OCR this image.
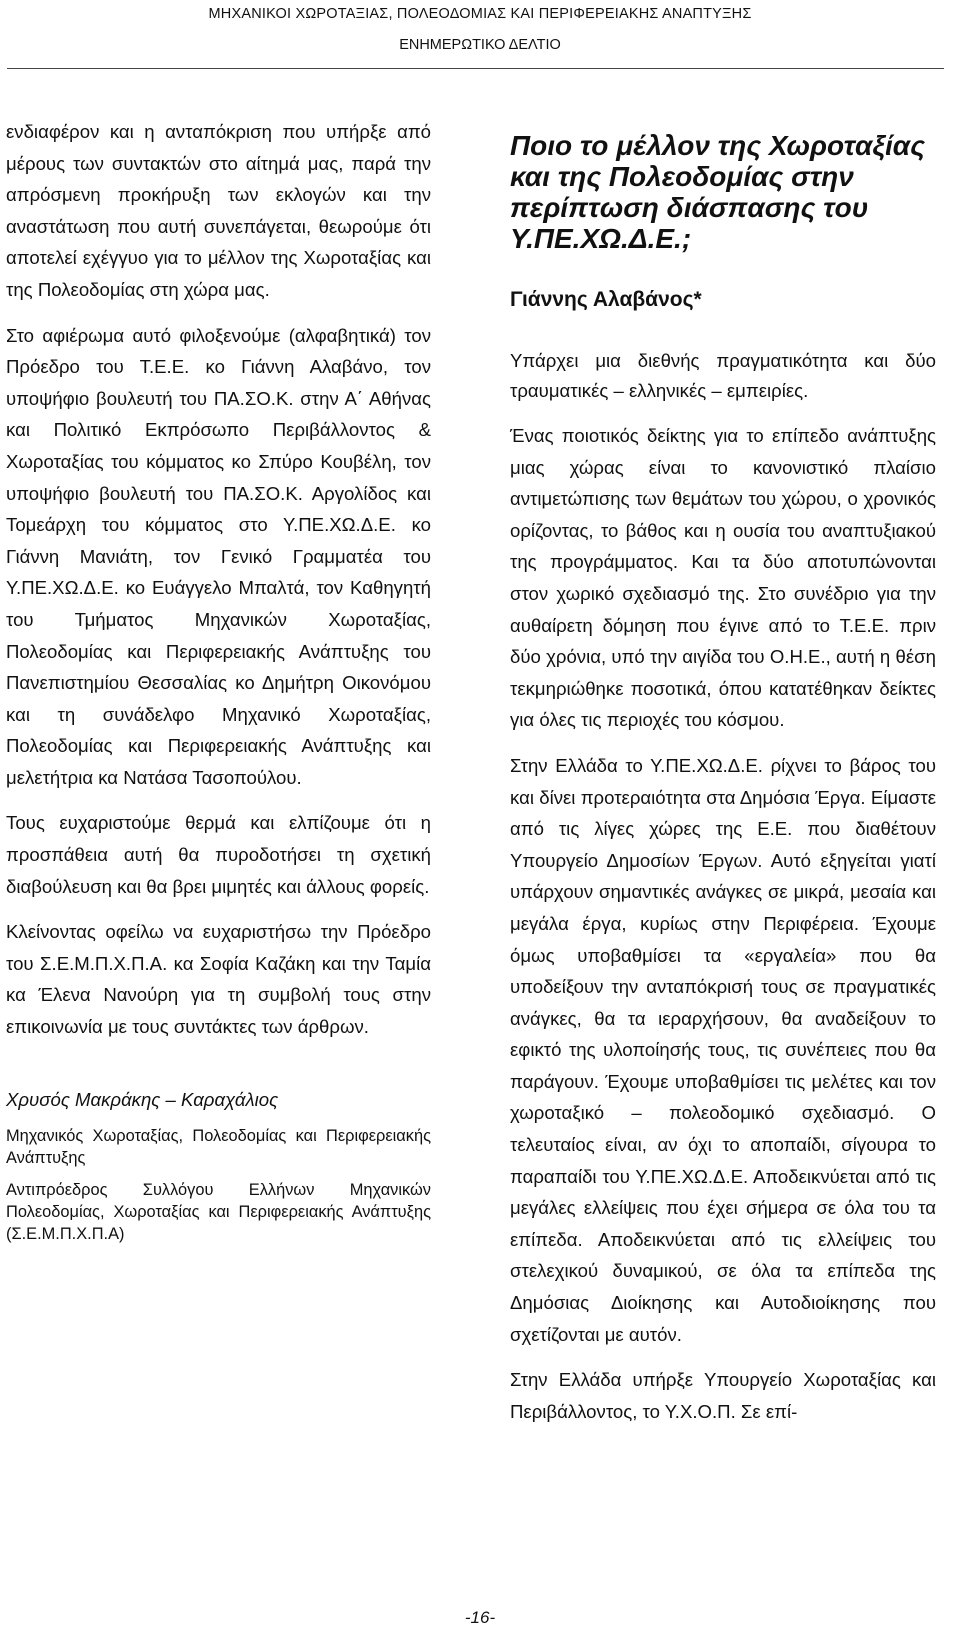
ΜΗΧΑΝΙΚΟΙ ΧΩΡΟΤΑΞΙΑΣ, ΠΟΛΕΟΔΟΜΙΑΣ ΚΑΙ ΠΕΡΙΦΕΡΕΙΑΚΗΣ ΑΝΑΠΤΥΞΗΣ
ΕΝΗΜΕΡΩΤΙΚΟ ΔΕΛΤΙΟ

ενδιαφέρον και η ανταπόκριση που υπήρξε από μέρους των συντακτών στο αίτημά μας, παρά την απρόσμενη προκήρυξη των εκλογών και την αναστάτωση που αυτή συνεπάγεται, θεωρούμε ότι αποτελεί εχέγγυο για το μέλλον της Χωροταξίας και της Πολεοδομίας στη χώρα μας.

Στο αφιέρωμα αυτό φιλοξενούμε (αλφαβητικά) τον Πρόεδρο του Τ.Ε.Ε. κο Γιάννη Αλαβάνο, τον υποψήφιο βουλευτή του ΠΑ.ΣΟ.Κ. στην Α΄ Αθήνας και Πολιτικό Εκπρόσωπο Περιβάλλοντος & Χωροταξίας του κόμματος κο Σπύρο Κουβέλη, τον υποψήφιο βουλευτή του ΠΑ.ΣΟ.Κ. Αργολίδος και Τομεάρχη του κόμματος στο Υ.ΠΕ.ΧΩ.Δ.Ε. κο Γιάννη Μανιάτη, τον Γενικό Γραμματέα του Υ.ΠΕ.ΧΩ.Δ.Ε. κο Ευάγγελο Μπαλτά, τον Καθηγητή του Τμήματος Μηχανικών Χωροταξίας, Πολεοδομίας και Περιφερειακής Ανάπτυξης του Πανεπιστημίου Θεσσαλίας κο Δημήτρη Οικονόμου και τη συνάδελφο Μηχανικό Χωροταξίας, Πολεοδομίας και Περιφερειακής Ανάπτυξης και μελετήτρια κα Νατάσα Τασοπούλου.

Τους ευχαριστούμε θερμά και ελπίζουμε ότι η προσπάθεια αυτή θα πυροδοτήσει τη σχετική διαβούλευση και θα βρει μιμητές και άλλους φορείς.

Κλείνοντας οφείλω να ευχαριστήσω την Πρόεδρο του Σ.Ε.Μ.Π.Χ.Π.Α. κα Σοφία Καζάκη και την Ταμία κα Έλενα Νανούρη για τη συμβολή τους στην επικοινωνία με τους συντάκτες των άρθρων.

Χρυσός Μακράκης – Καραχάλιος
Μηχανικός Χωροταξίας, Πολεοδομίας και Περιφερειακής Ανάπτυξης
Αντιπρόεδρος Συλλόγου Ελλήνων Μηχανικών Πολεοδομίας, Χωροταξίας και Περιφερειακής Ανάπτυξης (Σ.Ε.Μ.Π.Χ.Π.Α)
Ποιο το μέλλον της Χωροταξίας και της Πολεοδομίας στην περίπτωση διάσπασης του Υ.ΠΕ.ΧΩ.Δ.Ε.;
Γιάννης Αλαβάνος*

Υπάρχει μια διεθνής πραγματικότητα και δύο τραυματικές – ελληνικές – εμπειρίες.

Ένας ποιοτικός δείκτης για το επίπεδο ανάπτυξης μιας χώρας είναι το κανονιστικό πλαίσιο αντιμετώπισης των θεμάτων του χώρου, ο χρονικός ορίζοντας, το βάθος και η ουσία του αναπτυξιακού της προγράμματος. Και τα δύο αποτυπώνονται στον χωρικό σχεδιασμό της. Στο συνέδριο για την αυθαίρετη δόμηση που έγινε από το Τ.Ε.Ε. πριν δύο χρόνια, υπό την αιγίδα του Ο.Η.Ε., αυτή η θέση τεκμηριώθηκε ποσοτικά, όπου κατατέθηκαν δείκτες για όλες τις περιοχές του κόσμου.

Στην Ελλάδα το Υ.ΠΕ.ΧΩ.Δ.Ε. ρίχνει το βάρος του και δίνει προτεραιότητα στα Δημόσια Έργα. Είμαστε από τις λίγες χώρες της Ε.Ε. που διαθέτουν Υπουργείο Δημοσίων Έργων. Αυτό εξηγείται γιατί υπάρχουν σημαντικές ανάγκες σε μικρά, μεσαία και μεγάλα έργα, κυρίως στην Περιφέρεια. Έχουμε όμως υποβαθμίσει τα «εργαλεία» που θα υποδείξουν την ανταπόκρισή τους σε πραγματικές ανάγκες, θα τα ιεραρχήσουν, θα αναδείξουν το εφικτό της υλοποίησής τους, τις συνέπειες που θα παράγουν. Έχουμε υποβαθμίσει τις μελέτες και τον χωροταξικό – πολεοδομικό σχεδιασμό. Ο τελευταίος είναι, αν όχι το αποπαίδι, σίγουρα το παραπαίδι του Υ.ΠΕ.ΧΩ.Δ.Ε. Αποδεικνύεται από τις μεγάλες ελλείψεις που έχει σήμερα σε όλα του τα επίπεδα. Αποδεικνύεται από τις ελλείψεις του στελεχικού δυναμικού, σε όλα τα επίπεδα της Δημόσιας Διοίκησης και Αυτοδιοίκησης που σχετίζονται με αυτόν.

Στην Ελλάδα υπήρξε Υπουργείο Χωροταξίας και Περιβάλλοντος, το Υ.Χ.Ο.Π. Σε επί-

-16-
